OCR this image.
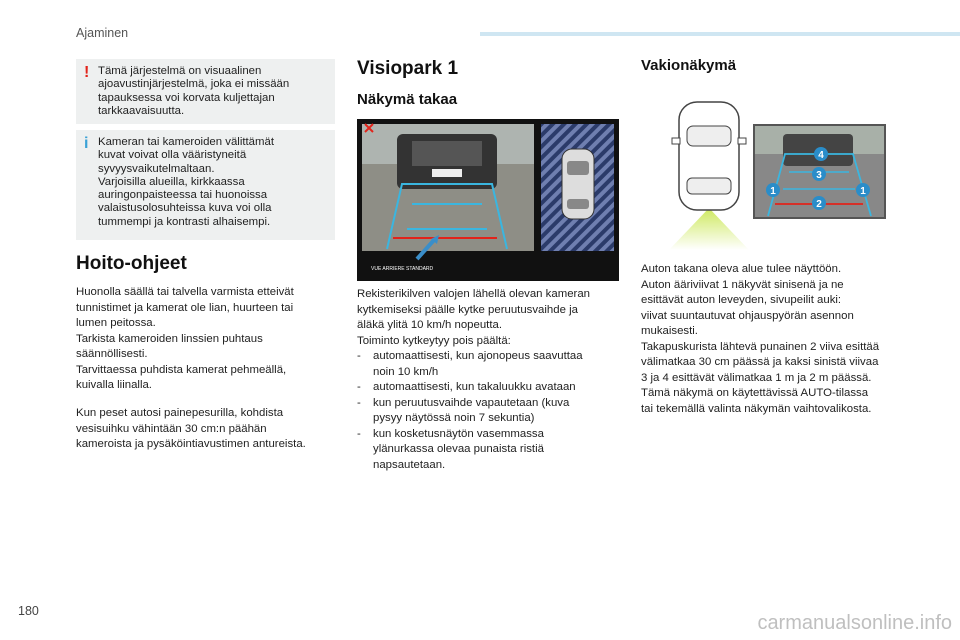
Ajaminen
! Tämä järjestelmä on visuaalinen
ajoavustinjärjestelmä, joka ei missään
tapauksessa voi korvata kuljettajan
tarkkaavaisuutta.
i Kameran tai kameroiden välittämät
kuvat voivat olla vääristyneitä
syvyysvaikutelmaltaan.
Varjoisilla alueilla, kirkkaassa
auringonpaisteessa tai huonoissa
valaistusolosuhteissa kuva voi olla
tummempi ja kontrasti alhaisempi.
Hoito-ohjeet
Huonolla säällä tai talvella varmista etteivät
tunnistimet ja kamerat ole lian, huurteen tai
lumen peitossa.
Tarkista kameroiden linssien puhtaus
säännöllisesti.
Tarvittaessa puhdista kamerat pehmeällä,
kuivalla liinalla.
Kun peset autosi painepesurilla, kohdista
vesisuihku vähintään 30 cm:n päähän
kameroista ja pysäköintiavustimen antureista.
Visiopark 1
Näkymä takaa
VUE ARRIERE STANDARD
Rekisterikilven valojen lähellä olevan kameran
kytkemiseksi päälle kytke peruutusvaihde ja
äläkä ylitä 10 km/h nopeutta.
Toiminto kytkeytyy pois päältä:
-	automaattisesti, kun ajonopeus saavuttaa
noin 10 km/h
-	automaattisesti, kun takaluukku avataan
-	kun peruutusvaihde vapautetaan (kuva
pysyy näytössä noin 7 sekuntia)
-	kun kosketusnäytön vasemmassa
ylänurkassa olevaa punaista ristiä
napsautetaan.
Vakionäkymä
4
3
1	1
2
Auton takana oleva alue tulee näyttöön.
Auton ääriviivat 1 näkyvät sinisenä ja ne
esittävät auton leveyden, sivupeilit auki:
viivat suuntautuvat ohjauspyörän asennon
mukaisesti.
Takapuskurista lähtevä punainen 2 viiva esittää
välimatkaa 30 cm päässä ja kaksi sinistä viivaa
3 ja 4 esittävät välimatkaa 1 m ja 2 m päässä.
Tämä näkymä on käytettävissä AUTO-tilassa
tai tekemällä valinta näkymän vaihtovalikosta.
180
carmanualsonline.info
